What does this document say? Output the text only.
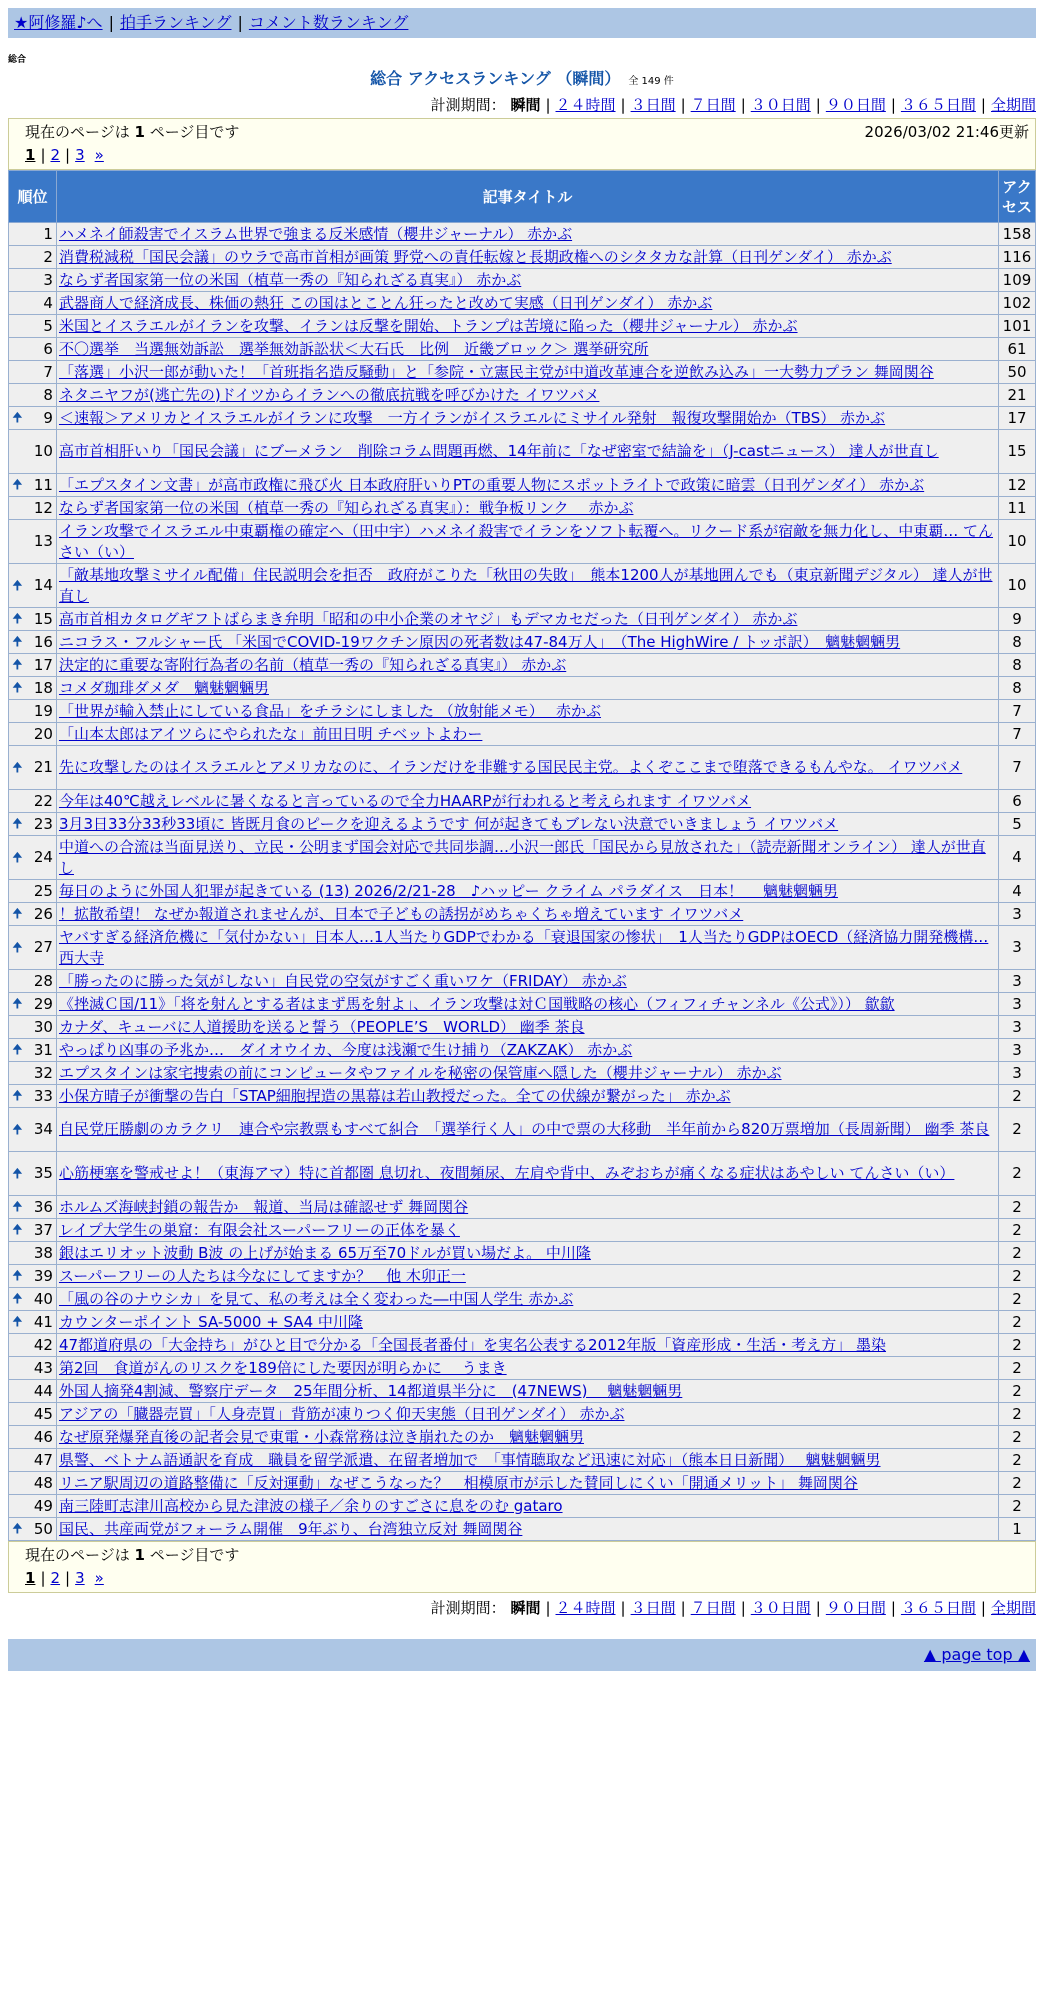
★阿修羅♪へ | 拍手ランキング | コメント数ランキング
総合
総合 アクセスランキング （瞬間） 全 149 件
計測期間： 瞬間 | ２４時間 | ３日間 | ７日間 | ３０日間 | ９０日間 | ３６５日間 | 全期間
現在のページは 1 ページ目です	2026/03/02 21:46更新
1 | 2 | 3 »
順位	記事タイトル	アクセス
1	ハメネイ師殺害でイスラム世界で強まる反米感情（櫻井ジャーナル） 赤かぶ	158
2	消費税減税「国民会議」のウラで高市首相が画策 野党への責任転嫁と長期政権へのシタタカな計算（日刊ゲンダイ） 赤かぶ	116
3	ならず者国家第一位の米国（植草一秀の『知られざる真実』） 赤かぶ	109
4	武器商人で経済成長、株価の熱狂 この国はとことん狂ったと改めて実感（日刊ゲンダイ） 赤かぶ	102
5	米国とイスラエルがイランを攻撃、イランは反撃を開始、トランプは苦境に陥った（櫻井ジャーナル） 赤かぶ	101
6	不〇選挙　当選無効訴訟　選挙無効訴訟状＜大石氏　比例　近畿ブロック＞ 選挙研究所	61
7	「落選」小沢一郎が動いた！「首班指名造反騒動」と「参院・立憲民主党が中道改革連合を逆飲み込み」一大勢力プラン 舞岡関谷	50
8	ネタニヤフが(逃亡先の)ドイツからイランへの徹底抗戦を呼びかけた イワツバメ	21

🠉 9	＜速報＞アメリカとイスラエルがイランに攻撃　一方イランがイスラエルにミサイル発射　報復攻撃開始か（TBS） 赤かぶ	17
10	高市首相肝いり「国民会議」にブーメラン　削除コラム問題再燃、14年前に「なぜ密室で結論を」（J-castニュース） 達人が世直し	15

🠉 11	「エプスタイン文書」が高市政権に飛び火 日本政府肝いりPTの重要人物にスポットライトで政策に暗雲（日刊ゲンダイ） 赤かぶ	12
12	ならず者国家第一位の米国（植草一秀の『知られざる真実』）：戦争板リンク　 赤かぶ	11
13	イラン攻撃でイスラエル中東覇権の確定へ（田中宇）ハメネイ殺害でイランをソフト転覆へ。リクード系が宿敵を無力化し、中東覇… てんさい（い）	10

🠉 14	「敵基地攻撃ミサイル配備」住民説明会を拒否　政府がこりた「秋田の失敗」　熊本1200人が基地囲んでも（東京新聞デジタル） 達人が世直し	10

🠉 15	高市首相カタログギフトばらまき弁明「昭和の中小企業のオヤジ」もデマカセだった（日刊ゲンダイ） 赤かぶ	9

🠉 16	ニコラス・フルシャー氏 「米国でCOVID-19ワクチン原因の死者数は47-84万人」　（The HighWire / トッポ訳）　魑魅魍魎男	8

🠉 17	決定的に重要な寄附行為者の名前（植草一秀の『知られざる真実』） 赤かぶ	8

🠉 18	コメダ珈琲ダメダ　魑魅魍魎男	8
19	「世界が輸入禁止にしている食品」をチラシにしました （放射能メモ）　 赤かぶ	7
20	「山本太郎はアイツらにやられたな」前田日明 チベットよわー	7

🠉 21	先に攻撃したのはイスラエルとアメリカなのに、イランだけを非難する国民民主党。よくぞここまで堕落できるもんやな。 イワツバメ	7
22	今年は40℃越えレベルに暑くなると言っているので全力HAARPが行われると考えられます イワツバメ	6

🠉 23	3月3日33分33秒33頃に 皆既月食のピークを迎えるようです 何が起きてもブレない決意でいきましょう イワツバメ	5

🠉 24	中道への合流は当面見送り、立民・公明まず国会対応で共同歩調…小沢一郎氏「国民から見放された」（読売新聞オンライン） 達人が世直し	4
25	毎日のように外国人犯罪が起きている (13) 2026/2/21-28　♪ハッピー クライム パラダイス　日本！　 魑魅魍魎男	4

🠉 26	！拡散希望！ なぜか報道されませんが、日本で子どもの誘拐がめちゃくちゃ増えています イワツバメ	3

🠉 27	ヤバすぎる経済危機に「気付かない」日本人…1人当たりGDPでわかる「衰退国家の惨状」　1人当たりGDPはOECD（経済協力開発機構… 西大寺	3
28	「勝ったのに勝った気がしない」自民党の空気がすごく重いワケ（FRIDAY） 赤かぶ	3

🠉 29	《挫滅Ｃ国/11》「将を射んとする者はまず馬を射よ」、イラン攻撃は対Ｃ国戦略の核心（フィフィチャンネル《公式》）） 歙歙	3
30	カナダ、キューバに人道援助を送ると誓う（PEOPLE’S　WORLD） 幽季 茶良	3

🠉 31	やっぱり凶事の予兆か…　ダイオウイカ、今度は浅瀬で生け捕り（ZAKZAK） 赤かぶ	3
32	エプスタインは家宅捜索の前にコンピュータやファイルを秘密の保管庫へ隠した（櫻井ジャーナル） 赤かぶ	3

🠉 33	小保方晴子が衝撃の告白「STAP細胞捏造の黒幕は若山教授だった。全ての伏線が繋がった」 赤かぶ	2

🠉 34	自民党圧勝劇のカラクリ　連合や宗教票もすべて糾合　「選挙行く人」の中で票の大移動　半年前から820万票増加（長周新聞） 幽季 茶良	2

🠉 35	心筋梗塞を警戒せよ！（東海アマ）特に首都圏 息切れ、夜間頻尿、左肩や背中、みぞおちが痛くなる症状はあやしい てんさい（い）	2

🠉 36	ホルムズ海峡封鎖の報告か　報道、当局は確認せず 舞岡関谷	2

🠉 37	レイプ大学生の巣窟：有限会社スーパーフリーの正体を暴く	2
38	銀はエリオット波動 B波 の上げが始まる 65万至70ドルが買い場だよ。 中川隆	2

🠉 39	スーパーフリーの人たちは今なにしてますか？　他 木卯正一	2

🠉 40	「風の谷のナウシカ」を見て、私の考えは全く変わった―中国人学生 赤かぶ	2

🠉 41	カウンターポイント SA-5000 + SA4 中川隆	2
42	47都道府県の「大金持ち」がひと目で分かる「全国長者番付」を実名公表する2012年版「資産形成・生活・考え方」 墨染	2
43	第2回　食道がんのリスクを189倍にした要因が明らかに　 うまき	2
44	外国人摘発4割減、警察庁データ　25年間分析、14都道県半分に　(47NEWS)　 魑魅魍魎男	2
45	アジアの「臓器売買」「人身売買」背筋が凍りつく仰天実態（日刊ゲンダイ） 赤かぶ	2
46	なぜ原発爆発直後の記者会見で東電・小森常務は泣き崩れたのか　魑魅魍魎男	2
47	県警、ベトナム語通訳を育成　職員を留学派遣、在留者増加で　「事情聴取など迅速に対応」（熊本日日新聞）　 魑魅魍魎男	2
48	リニア駅周辺の道路整備に「反対運動」なぜこうなった？　相模原市が示した賛同しにくい「開通メリット」 舞岡関谷	2
49	南三陸町志津川高校から見た津波の様子／余りのすごさに息をのむ gataro	2

🠉 50	国民、共産両党がフォーラム開催　9年ぶり、台湾独立反対 舞岡関谷	1
現在のページは 1 ページ目です
1 | 2 | 3 »
計測期間： 瞬間 | ２４時間 | ３日間 | ７日間 | ３０日間 | ９０日間 | ３６５日間 | 全期間
▲ page top ▲
